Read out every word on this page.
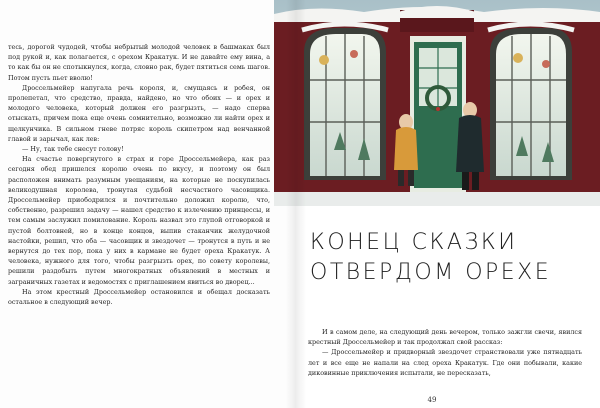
тесь, дорогой чудодей, чтобы небрытый молодой человек в башмаках был под рукой и, как полагается, с орехом Кракатук. И не давайте ему вина, а то как бы он не спотыкнулся, когда, словно рак, будет пятиться семь шагов. Потом пусть пьет вволю!

Дроссельмейер напугала речь короля, и, смущаясь и робея, он пролепетал, что средство, правда, найдено, но что обоих — и орех и молодого человека, который должен его разгрызть, — надо сперва отыскать, причем пока еще очень сомнительно, возможно ли найти орех и щелкунчика. В сильном гневе потряс король скипетром над венчанной главой и зарычал, как лев:

— Ну, так тебе снесут голову!

На счастье повергнутого в страх и горе Дроссельмейера, как раз сегодня обед пришелся королю очень по вкусу, и поэтому он был расположен внимать разумным увещаниям, на которые не поскупилась великодушная королева, тронутая судьбой несчастного часовщика. Дроссельмейер приободрился и почтительно доложил королю, что, собственно, разрешил задачу — нашел средство к излечению принцессы, и тем самым заслужил помилование. Король назвал это глупой отговоркой и пустой болтовней, но в конце концов, выпив стаканчик желудочной настойки, решил, что оба — часовщик и звездочет — тронутся в путь и не вернутся до тех пор, пока у них в кармане не будет ореха Кракатук. А человека, нужного для того, чтобы разгрызть орех, по совету королевы, решили раздобыть путем многократных объявлений в местных и заграничных газетах и ведомостях с приглашением явиться во дворец...

На этом крестный Дроссельмейер остановился и обещал досказать остальное в следующий вечер.

КОНЕЦ СКАЗКИ
ОТВЕРДОМ ОРЕХЕ

И в самом деле, на следующий день вечером, только зажгли свечи, явился крестный Дроссельмейер и так продолжал свой рассказ:

— Дроссельмейер и придворный звездочет странствовали уже пятнадцать лет и все еще не напали на след ореха Кракатук. Где они побывали, какие диковинные приключения испытали, не пересказать,

49
